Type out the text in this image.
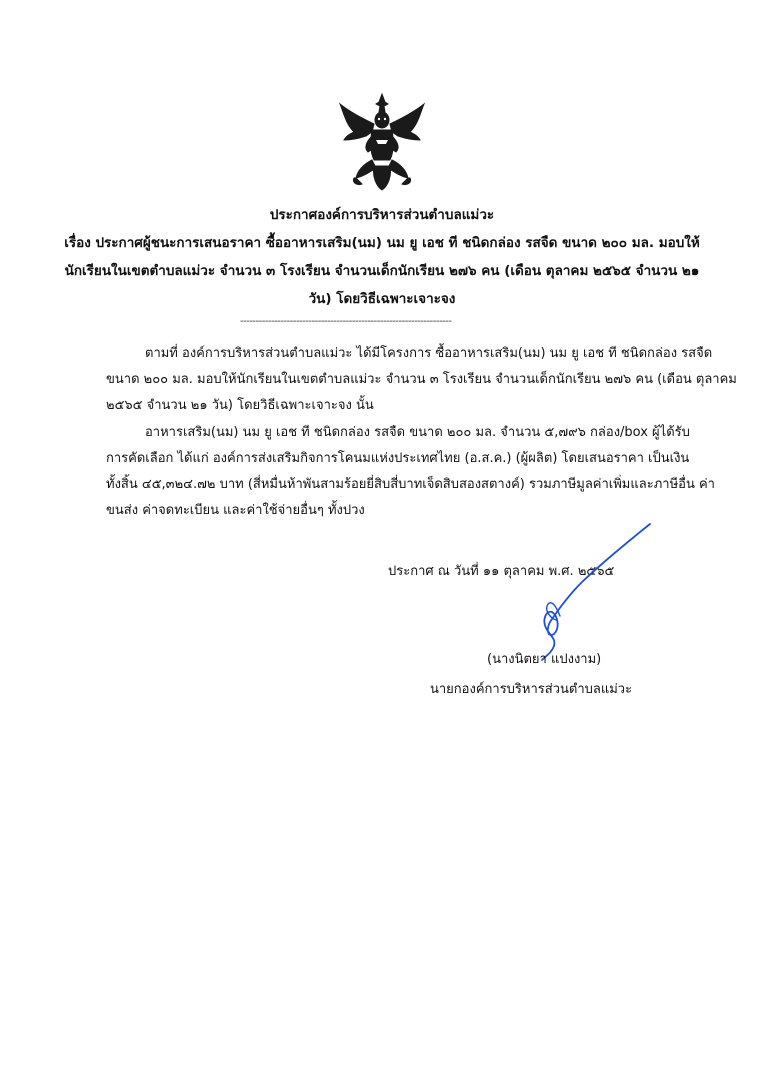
ประกาศองค์การบริหารส่วนตำบลแม่วะ
เรื่อง ประกาศผู้ชนะการเสนอราคา ซื้ออาหารเสริม(นม) นม ยู เอช ที ชนิดกล่อง รสจืด ขนาด ๒๐๐ มล. มอบให้
นักเรียนในเขตตำบลแม่วะ จำนวน ๓ โรงเรียน จำนวนเด็กนักเรียน ๒๗๖ คน (เดือน ตุลาคม ๒๕๖๕ จำนวน ๒๑
วัน) โดยวิธีเฉพาะเจาะจง
--------------------------------------------------------------------
ตามที่ องค์การบริหารส่วนตำบลแม่วะ ได้มีโครงการ ซื้ออาหารเสริม(นม) นม ยู เอช ที ชนิดกล่อง รสจืด
ขนาด ๒๐๐ มล. มอบให้นักเรียนในเขตตำบลแม่วะ จำนวน ๓ โรงเรียน จำนวนเด็กนักเรียน ๒๗๖ คน (เดือน ตุลาคม
๒๕๖๕ จำนวน ๒๑ วัน) โดยวิธีเฉพาะเจาะจง นั้น
อาหารเสริม(นม) นม ยู เอช ที ชนิดกล่อง รสจืด ขนาด ๒๐๐ มล. จำนวน ๕,๗๙๖ กล่อง/box ผู้ได้รับ
การคัดเลือก ได้แก่ องค์การส่งเสริมกิจการโคนมแห่งประเทศไทย (อ.ส.ค.) (ผู้ผลิต) โดยเสนอราคา เป็นเงิน
ทั้งสิ้น ๔๕,๓๒๔.๗๒ บาท (สี่หมื่นห้าพันสามร้อยยี่สิบสี่บาทเจ็ดสิบสองสตางค์) รวมภาษีมูลค่าเพิ่มและภาษีอื่น ค่า
ขนส่ง ค่าจดทะเบียน และค่าใช้จ่ายอื่นๆ ทั้งปวง
ประกาศ ณ วันที่ ๑๑ ตุลาคม พ.ศ. ๒๕๖๕
(นางนิตยา แปงงาม)
นายกองค์การบริหารส่วนตำบลแม่วะ
